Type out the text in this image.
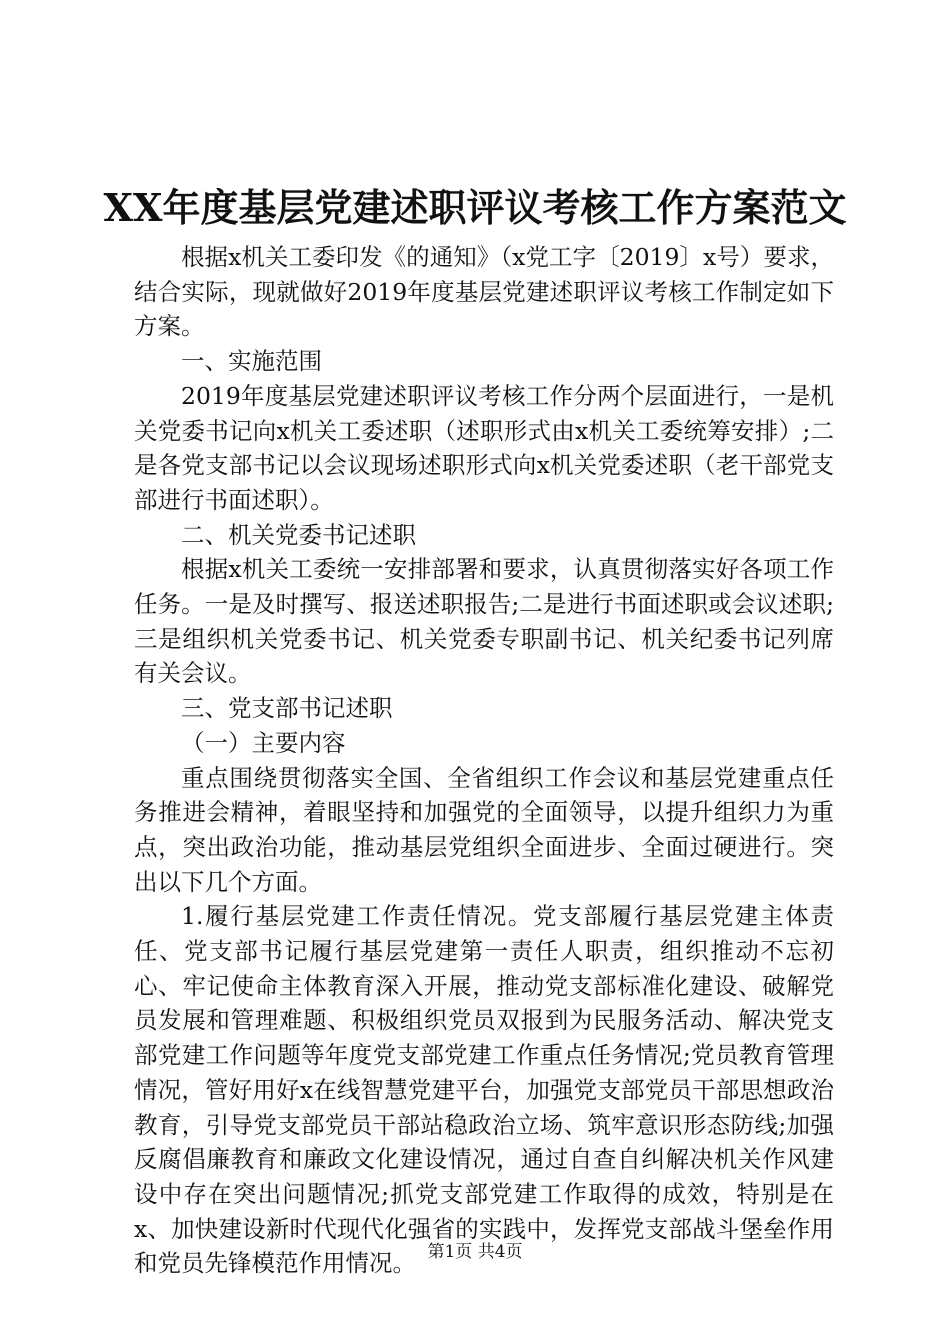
XX年度基层党建述职评议考核工作方案范文

根据x机关工委印发《的通知》（x党工字〔2019〕x号）要求，结合实际，现就做好2019年度基层党建述职评议考核工作制定如下方案。

一、实施范围

2019年度基层党建述职评议考核工作分两个层面进行，一是机关党委书记向x机关工委述职（述职形式由x机关工委统筹安排）;二是各党支部书记以会议现场述职形式向x机关党委述职（老干部党支部进行书面述职）。

二、机关党委书记述职

根据x机关工委统一安排部署和要求，认真贯彻落实好各项工作任务。一是及时撰写、报送述职报告;二是进行书面述职或会议述职;三是组织机关党委书记、机关党委专职副书记、机关纪委书记列席有关会议。

三、党支部书记述职

（一）主要内容

重点围绕贯彻落实全国、全省组织工作会议和基层党建重点任务推进会精神，着眼坚持和加强党的全面领导，以提升组织力为重点，突出政治功能，推动基层党组织全面进步、全面过硬进行。突出以下几个方面。

1.履行基层党建工作责任情况。党支部履行基层党建主体责任、党支部书记履行基层党建第一责任人职责，组织推动不忘初心、牢记使命主体教育深入开展，推动党支部标准化建设、破解党员发展和管理难题、积极组织党员双报到为民服务活动、解决党支部党建工作问题等年度党支部党建工作重点任务情况;党员教育管理情况，管好用好x在线智慧党建平台，加强党支部党员干部思想政治教育，引导党支部党员干部站稳政治立场、筑牢意识形态防线;加强反腐倡廉教育和廉政文化建设情况，通过自查自纠解决机关作风建设中存在突出问题情况;抓党支部党建工作取得的成效，特别是在x、加快建设新时代现代化强省的实践中，发挥党支部战斗堡垒作用和党员先锋模范作用情况。 第1页 共4页
